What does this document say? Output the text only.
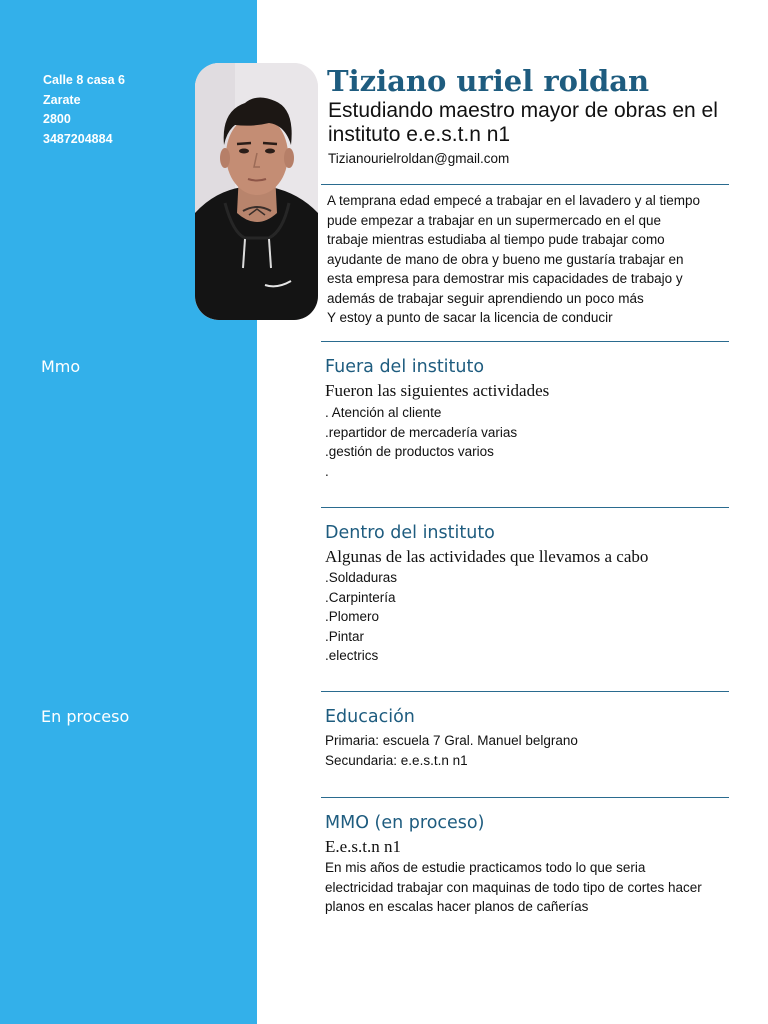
Calle 8 casa 6
Zarate
2800
3487204884
Mmo
En proceso
Tiziano uriel roldan
Estudiando maestro mayor de obras en el instituto e.e.s.t.n n1
Tizianourielroldan@gmail.com
A temprana edad empecé a trabajar en el lavadero y al tiempo
pude empezar a trabajar en un supermercado en el que
trabaje mientras estudiaba al tiempo pude trabajar como
ayudante de mano de obra y bueno me gustaría trabajar en
esta empresa para demostrar mis capacidades de trabajo y
además de trabajar seguir aprendiendo un poco más
Y estoy a punto de sacar la licencia de conducir
Fuera del instituto
Fueron las siguientes actividades
. Atención al cliente
.repartidor de mercadería varias
.gestión de productos varios
.
Dentro del instituto
Algunas de las actividades que llevamos a cabo
.Soldaduras
.Carpintería
.Plomero
.Pintar
.electrics
Educación
Primaria: escuela 7 Gral. Manuel belgrano
Secundaria: e.e.s.t.n n1
MMO (en proceso)
E.e.s.t.n n1
En mis años de estudie practicamos todo lo que seria
electricidad trabajar con maquinas de todo tipo de cortes hacer
planos en escalas hacer planos de cañerías
